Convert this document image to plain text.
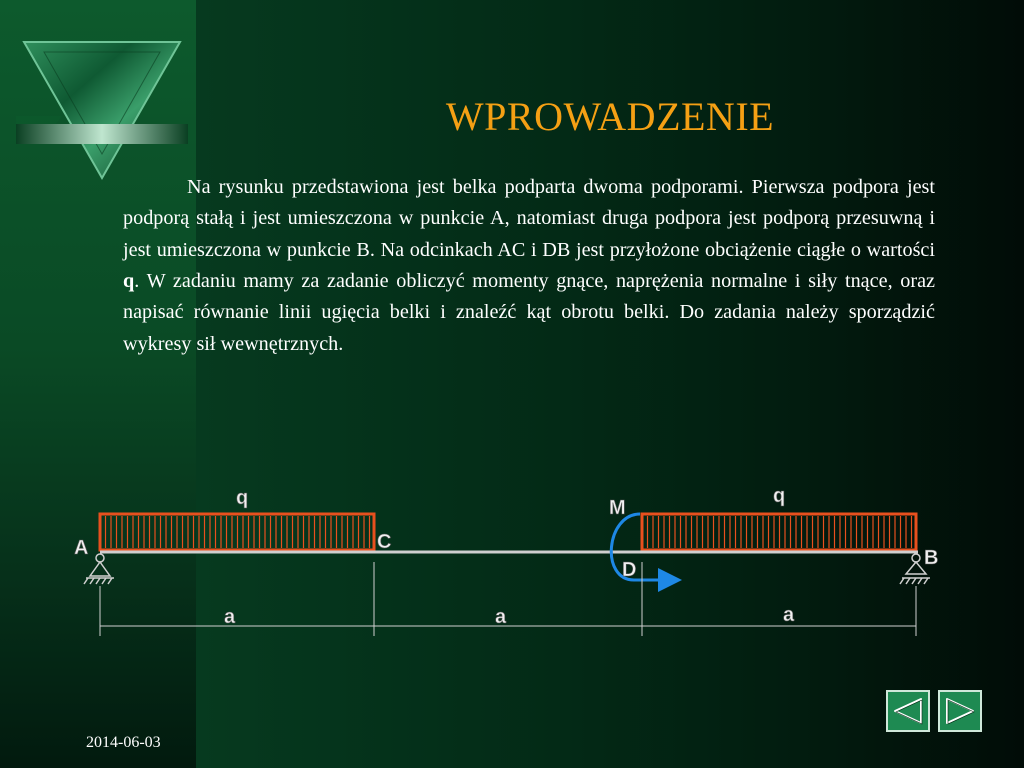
WPROWADZENIE

Na rysunku przedstawiona jest belka podparta dwoma podporami. Pierwsza podpora jest podporą stałą i jest umieszczona w punkcie A, natomiast druga podpora jest podporą przesuwną i jest umieszczona w punkcie B. Na odcinkach AC i DB jest przyłożone obciążenie ciągłe o wartości q. W zadaniu mamy za zadanie obliczyć momenty gnące, naprężenia normalne i siły tnące, oraz napisać równanie linii ugięcia belki i znaleźć kąt obrotu belki. Do zadania należy sporządzić wykresy sił wewnętrznych.

A	B
C
D
M
q	q
a	a	a
2014-06-03
